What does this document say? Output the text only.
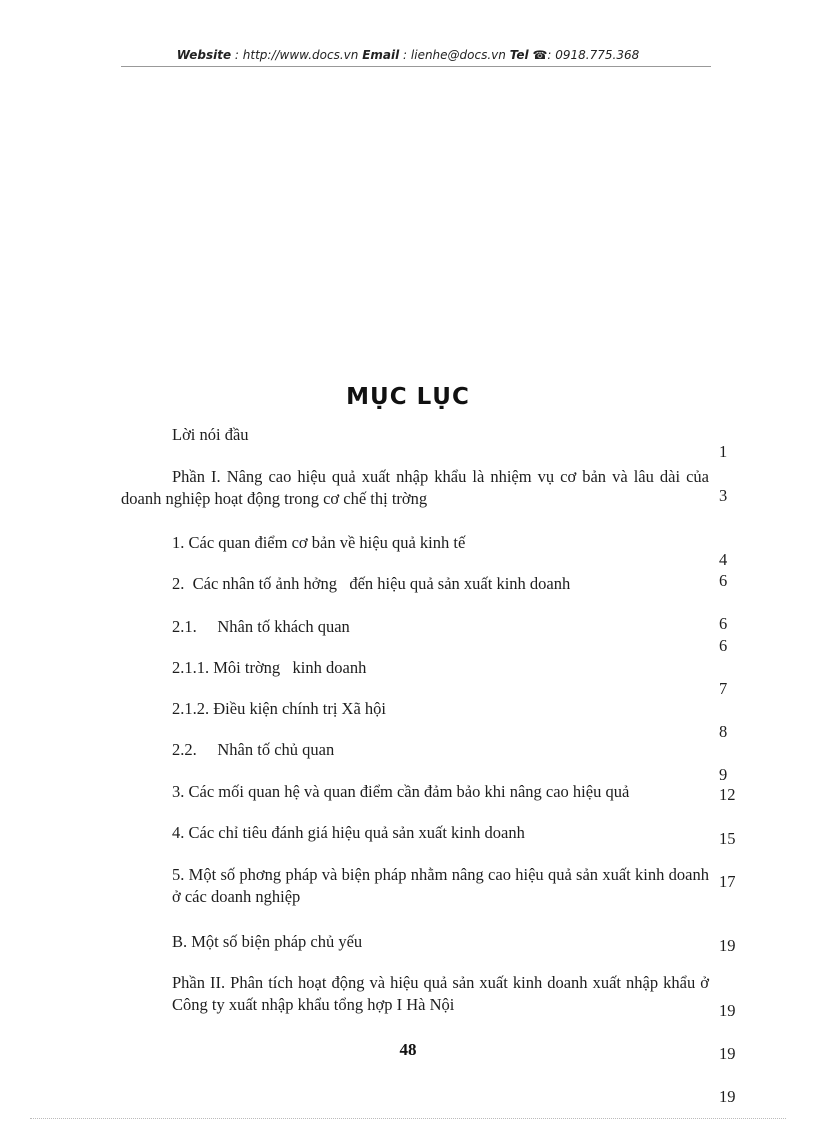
Website : http://www.docs.vn Email : lienhe@docs.vn Tel ☎: 0918.775.368
MỤC LỤC
Lời nói đầu
Phần I. Nâng cao hiệu quả xuất nhập khẩu là nhiệm vụ cơ bản và lâu dài của doanh nghiệp hoạt động trong cơ chế thị trờng
1. Các quan điểm cơ bản về hiệu quả kinh tế
2.  Các nhân tố ảnh hởng   đến hiệu quả sản xuất kinh doanh
2.1.     Nhân tố khách quan
2.1.1. Môi trờng   kinh doanh
2.1.2. Điều kiện chính trị Xã hội
2.2.     Nhân tố chủ quan
3. Các mối quan hệ và quan điểm cần đảm bảo khi nâng cao hiệu quả
4. Các chỉ tiêu đánh giá hiệu quả sản xuất kinh doanh
5. Một số phơng pháp và biện pháp nhằm nâng cao hiệu quả sản xuất kinh doanh ở các doanh nghiệp
B. Một số biện pháp chủ yếu
Phần II. Phân tích hoạt động và hiệu quả sản xuất kinh doanh xuất nhập khẩu ở Công ty xuất nhập khẩu tổng hợp I Hà Nội
1
3
4
6
6
6
7
8
9
12
15
17
19
19
19
19
48
